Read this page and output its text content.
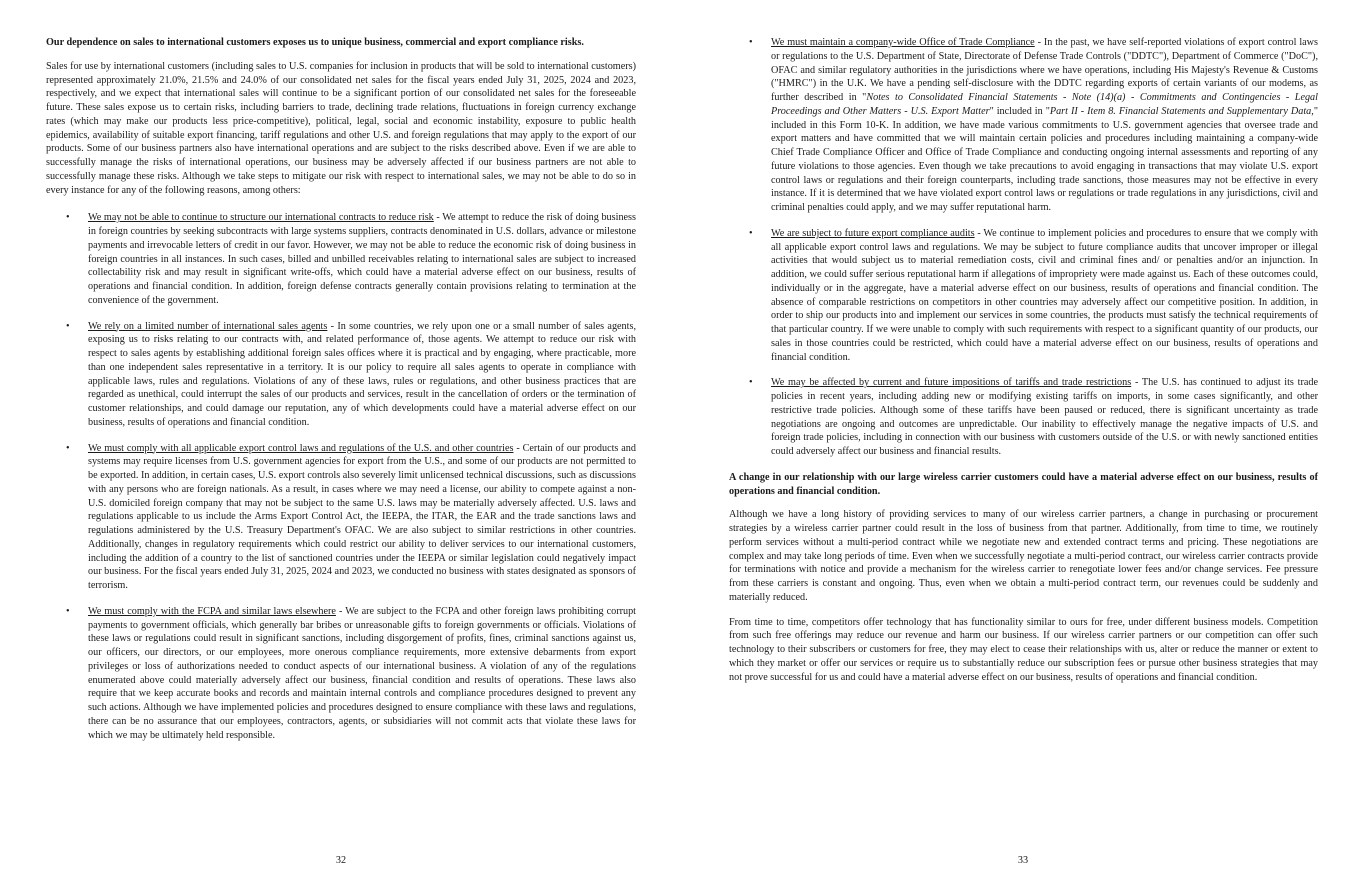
Our dependence on sales to international customers exposes us to unique business, commercial and export compliance risks.

Sales for use by international customers (including sales to U.S. companies for inclusion in products that will be sold to international customers) represented approximately 21.0%, 21.5% and 24.0% of our consolidated net sales for the fiscal years ended July 31, 2025, 2024 and 2023, respectively, and we expect that international sales will continue to be a significant portion of our consolidated net sales for the foreseeable future. These sales expose us to certain risks, including barriers to trade, declining trade relations, fluctuations in foreign currency exchange rates (which may make our products less price-competitive), political, legal, social and economic instability, exposure to public health epidemics, availability of suitable export financing, tariff regulations and other U.S. and foreign regulations that may apply to the export of our products. Some of our business partners also have international operations and are subject to the risks described above. Even if we are able to successfully manage the risks of international operations, our business may be adversely affected if our business partners are not able to successfully manage these risks. Although we take steps to mitigate our risk with respect to international sales, we may not be able to do so in every instance for any of the following reasons, among others:

• We may not be able to continue to structure our international contracts to reduce risk - We attempt to reduce the risk of doing business in foreign countries by seeking subcontracts with large systems suppliers, contracts denominated in U.S. dollars, advance or milestone payments and irrevocable letters of credit in our favor. However, we may not be able to reduce the economic risk of doing business in foreign countries in all instances. In such cases, billed and unbilled receivables relating to international sales are subject to increased collectability risk and may result in significant write-offs, which could have a material adverse effect on our business, results of operations and financial condition. In addition, foreign defense contracts generally contain provisions relating to termination at the convenience of the government.
• We rely on a limited number of international sales agents - In some countries, we rely upon one or a small number of sales agents, exposing us to risks relating to our contracts with, and related performance of, those agents. We attempt to reduce our risk with respect to sales agents by establishing additional foreign sales offices where it is practical and by engaging, where practicable, more than one independent sales representative in a territory. It is our policy to require all sales agents to operate in compliance with applicable laws, rules and regulations. Violations of any of these laws, rules or regulations, and other business practices that are regarded as unethical, could interrupt the sales of our products and services, result in the cancellation of orders or the termination of customer relationships, and could damage our reputation, any of which developments could have a material adverse effect on our business, results of operations and financial condition.
• We must comply with all applicable export control laws and regulations of the U.S. and other countries - Certain of our products and systems may require licenses from U.S. government agencies for export from the U.S., and some of our products are not permitted to be exported. In addition, in certain cases, U.S. export controls also severely limit unlicensed technical discussions, such as discussions with any persons who are foreign nationals. As a result, in cases where we may need a license, our ability to compete against a non-U.S. domiciled foreign company that may not be subject to the same U.S. laws may be materially adversely affected. U.S. laws and regulations applicable to us include the Arms Export Control Act, the IEEPA, the ITAR, the EAR and the trade sanctions laws and regulations administered by the U.S. Treasury Department's OFAC. We are also subject to similar restrictions in other countries. Additionally, changes in regulatory requirements which could restrict our ability to deliver services to our international customers, including the addition of a country to the list of sanctioned countries under the IEEPA or similar legislation could negatively impact our business. For the fiscal years ended July 31, 2025, 2024 and 2023, we conducted no business with states designated as sponsors of terrorism.
• We must comply with the FCPA and similar laws elsewhere - We are subject to the FCPA and other foreign laws prohibiting corrupt payments to government officials, which generally bar bribes or unreasonable gifts to foreign governments or officials. Violations of these laws or regulations could result in significant sanctions, including disgorgement of profits, fines, criminal sanctions against us, our officers, our directors, or our employees, more onerous compliance requirements, more extensive debarments from export privileges or loss of authorizations needed to conduct aspects of our international business. A violation of any of the regulations enumerated above could materially adversely affect our business, financial condition and results of operations. These laws also require that we keep accurate books and records and maintain internal controls and compliance procedures designed to prevent any such actions. Although we have implemented policies and procedures designed to ensure compliance with these laws and regulations, there can be no assurance that our employees, contractors, agents, or subsidiaries will not commit acts that violate these laws for which we may be ultimately held responsible.
32
• We must maintain a company-wide Office of Trade Compliance - In the past, we have self-reported violations of export control laws or regulations to the U.S. Department of State, Directorate of Defense Trade Controls ("DDTC"), Department of Commerce ("DoC"), OFAC and similar regulatory authorities in the jurisdictions where we have operations, including His Majesty's Revenue & Customs ("HMRC") in the U.K. We have a pending self-disclosure with the DDTC regarding exports of certain variants of our modems, as further described in "Notes to Consolidated Financial Statements - Note (14)(a) - Commitments and Contingencies - Legal Proceedings and Other Matters - U.S. Export Matter" included in "Part II - Item 8. Financial Statements and Supplementary Data," included in this Form 10-K. In addition, we have made various commitments to U.S. government agencies that oversee trade and export matters and have committed that we will maintain certain policies and procedures including maintaining a company-wide Chief Trade Compliance Officer and Office of Trade Compliance and conducting ongoing internal assessments and reporting of any future violations to those agencies. Even though we take precautions to avoid engaging in transactions that may violate U.S. export control laws or regulations and their foreign counterparts, including trade sanctions, those measures may not be effective in every instance. If it is determined that we have violated export control laws or regulations or trade regulations in any jurisdictions, civil and criminal penalties could apply, and we may suffer reputational harm.
• We are subject to future export compliance audits - We continue to implement policies and procedures to ensure that we comply with all applicable export control laws and regulations. We may be subject to future compliance audits that uncover improper or illegal activities that would subject us to material remediation costs, civil and criminal fines and/ or penalties and/or an injunction. In addition, we could suffer serious reputational harm if allegations of impropriety were made against us. Each of these outcomes could, individually or in the aggregate, have a material adverse effect on our business, results of operations and financial condition. The absence of comparable restrictions on competitors in other countries may adversely affect our competitive position. In addition, in order to ship our products into and implement our services in some countries, the products must satisfy the technical requirements of that particular country. If we were unable to comply with such requirements with respect to a significant quantity of our products, our sales in those countries could be restricted, which could have a material adverse effect on our business, results of operations and financial condition.
• We may be affected by current and future impositions of tariffs and trade restrictions - The U.S. has continued to adjust its trade policies in recent years, including adding new or modifying existing tariffs on imports, in some cases significantly, and other restrictive trade policies. Although some of these tariffs have been paused or reduced, there is significant uncertainty as trade negotiations are ongoing and outcomes are unpredictable. Our inability to effectively manage the negative impacts of U.S. and foreign trade policies, including in connection with our business with customers outside of the U.S. or with newly sanctioned entities could adversely affect our business and financial results.

A change in our relationship with our large wireless carrier customers could have a material adverse effect on our business, results of operations and financial condition.

Although we have a long history of providing services to many of our wireless carrier partners, a change in purchasing or procurement strategies by a wireless carrier partner could result in the loss of business from that partner. Additionally, from time to time, we routinely perform services without a multi-period contract while we negotiate new and extended contract terms and pricing. These negotiations are complex and may take long periods of time. Even when we successfully negotiate a multi-period contract, our wireless carrier contracts provide for terminations with notice and provide a mechanism for the wireless carrier to renegotiate lower fees and/or change services. Fee pressure from these carriers is constant and ongoing. Thus, even when we obtain a multi-period contract term, our revenues could be suddenly and materially reduced.

From time to time, competitors offer technology that has functionality similar to ours for free, under different business models. Competition from such free offerings may reduce our revenue and harm our business. If our wireless carrier partners or our competition can offer such technology to their subscribers or customers for free, they may elect to cease their relationships with us, alter or reduce the manner or extent to which they market or offer our services or require us to substantially reduce our subscription fees or pursue other business strategies that may not prove successful for us and could have a material adverse effect on our business, results of operations and financial condition.

33
